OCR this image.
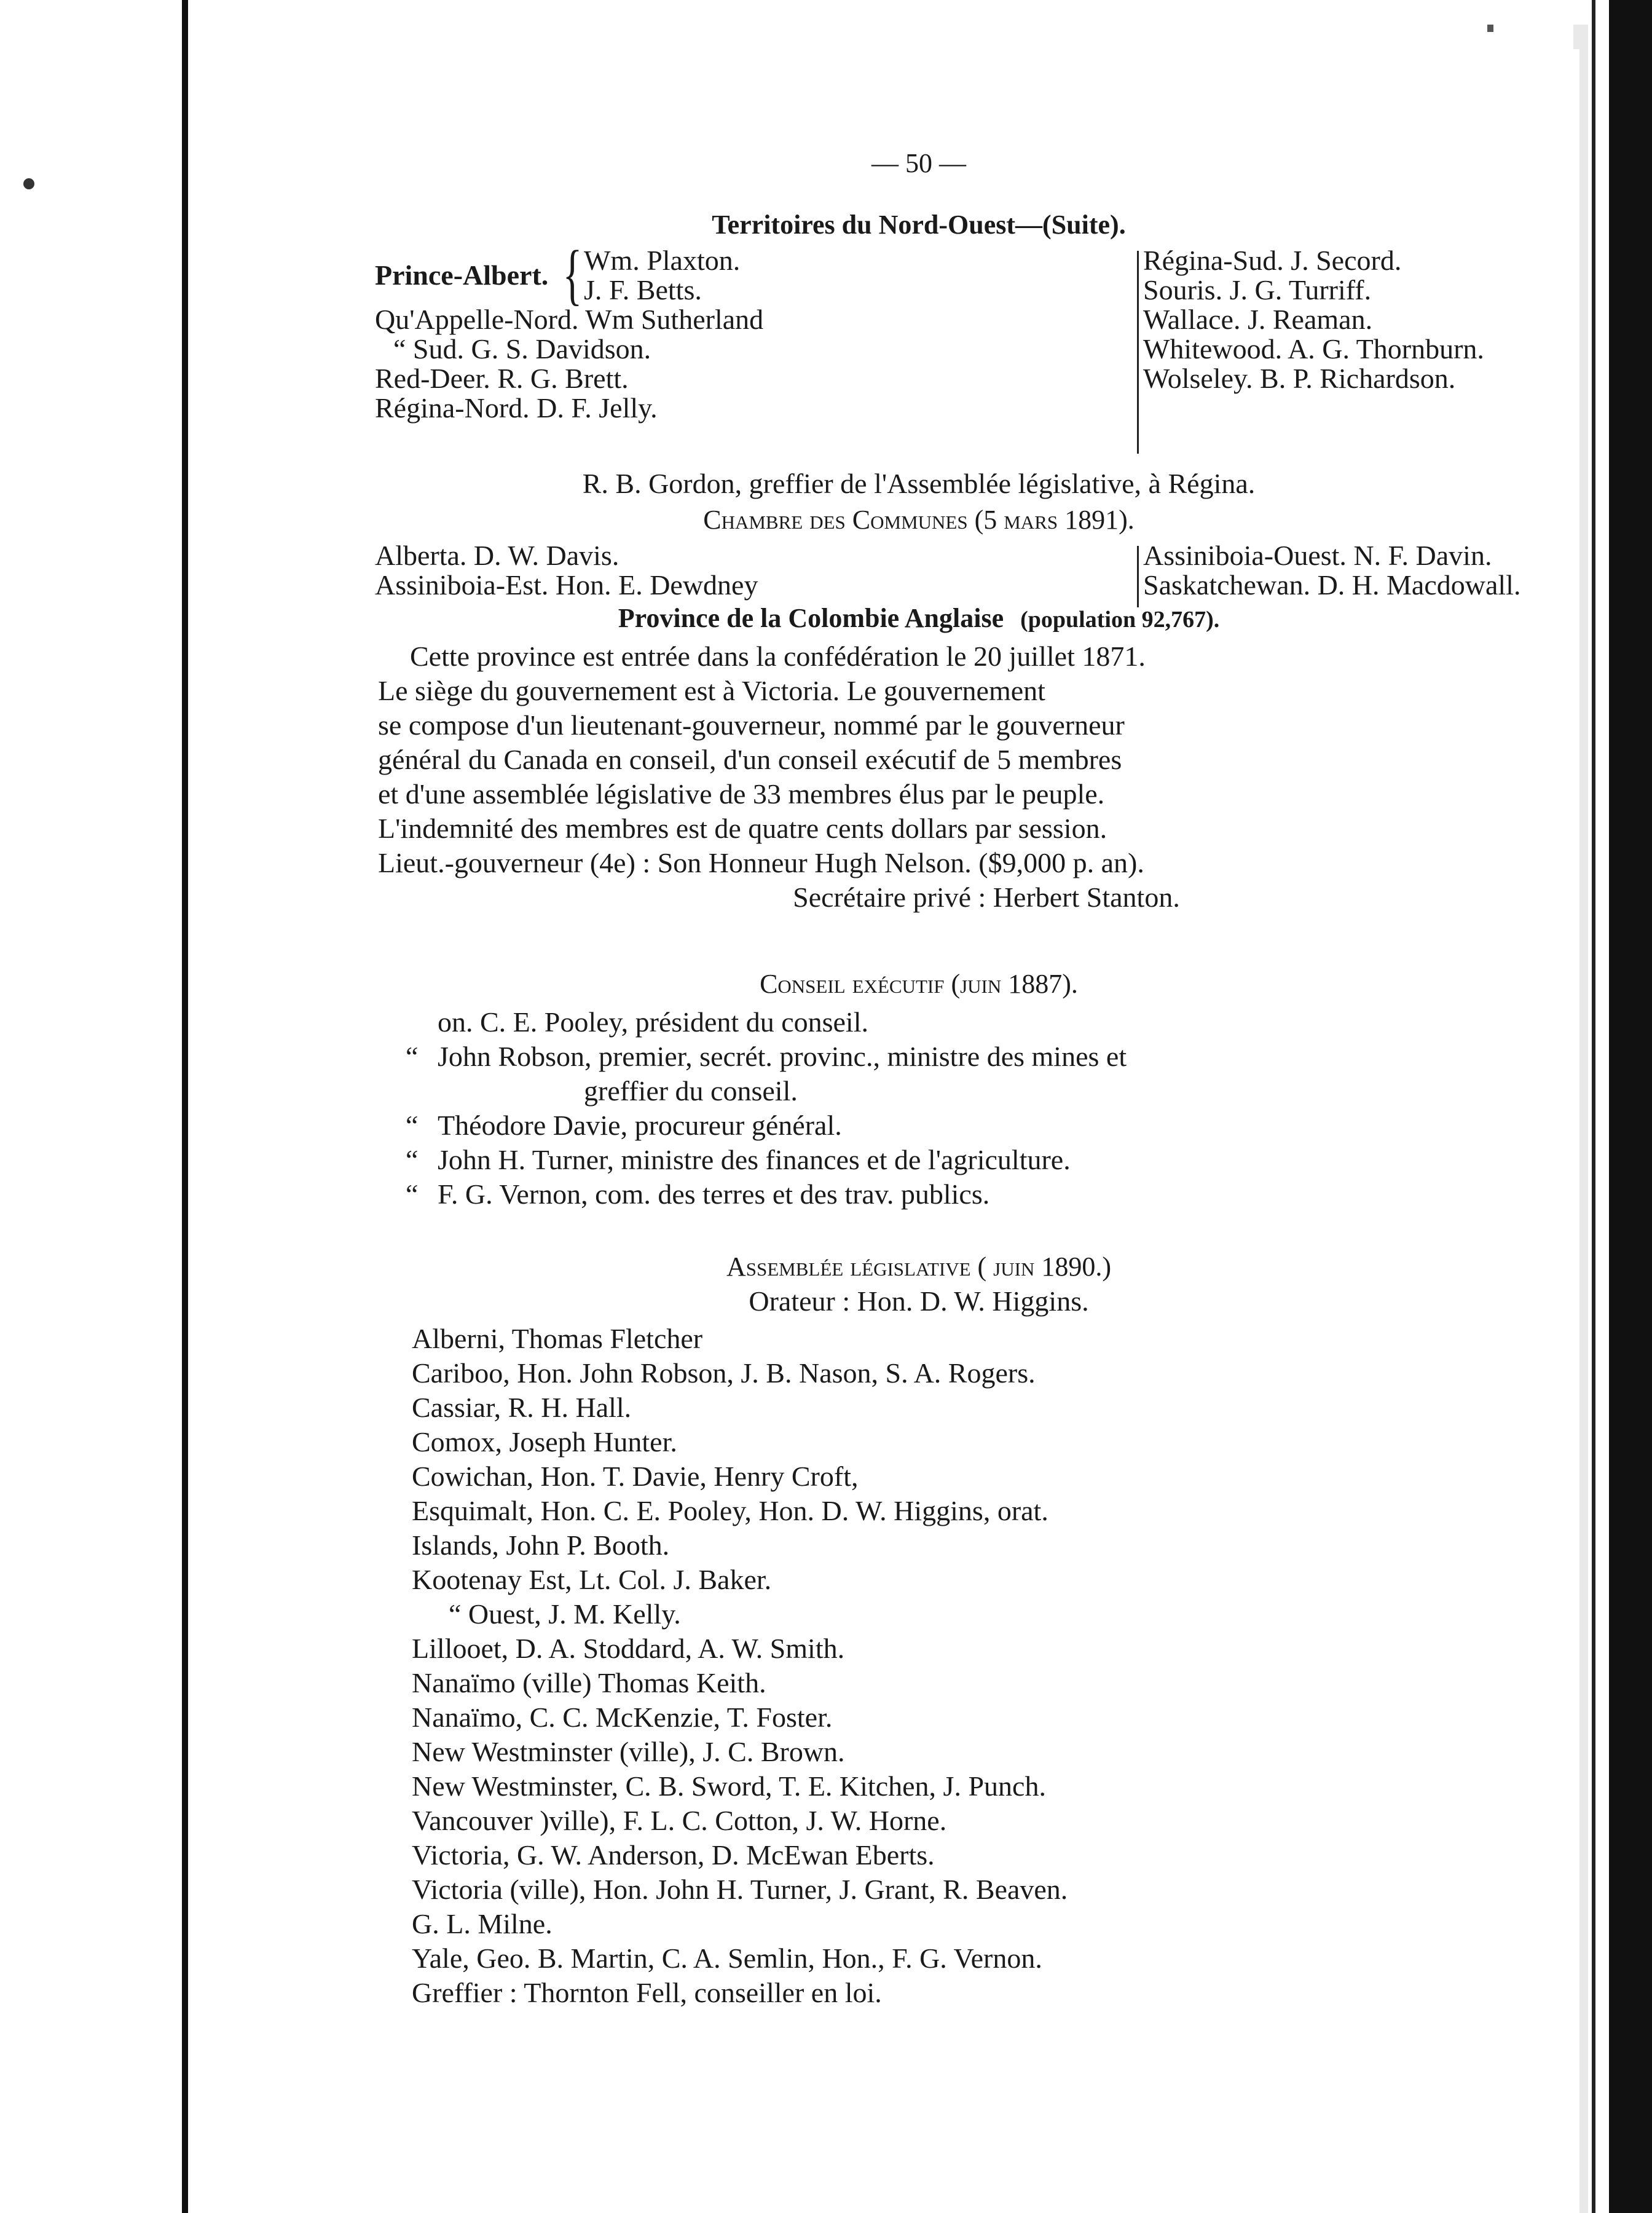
— 50 —
Territoires du Nord-Ouest—(Suite).
Prince-Albert. { Wm. Plaxton.
J. F. Betts.
Qu'Appelle-Nord. Wm Sutherland
“ Sud. G. S. Davidson.
Red-Deer. R. G. Brett.
Régina-Nord. D. F. Jelly.
Régina-Sud. J. Secord.
Souris. J. G. Turriff.
Wallace. J. Reaman.
Whitewood. A. G. Thornburn.
Wolseley. B. P. Richardson.
R. B. Gordon, greffier de l'Assemblée législative, à Régina.
Chambre des Communes (5 mars 1891).
Alberta. D. W. Davis.
Assiniboia-Est. Hon. E. Dewdney
Assiniboia-Ouest. N. F. Davin.
Saskatchewan. D. H. Macdowall.
Province de la Colombie Anglaise (population 92,767).
Cette province est entrée dans la confédération le 20 juillet 1871.
Le siège du gouvernement est à Victoria. Le gouvernement
se compose d'un lieutenant-gouverneur, nommé par le gouverneur
général du Canada en conseil, d'un conseil exécutif de 5 membres
et d'une assemblée législative de 33 membres élus par le peuple.
L'indemnité des membres est de quatre cents dollars par session.
Lieut.-gouverneur (4e) : Son Honneur Hugh Nelson. ($9,000 p. an).
Secrétaire privé : Herbert Stanton.
Conseil exécutif (juin 1887).
on. C. E. Pooley, président du conseil.
“ John Robson, premier, secrét. provinc., ministre des mines et
greffier du conseil.
“ Théodore Davie, procureur général.
“ John H. Turner, ministre des finances et de l'agriculture.
“ F. G. Vernon, com. des terres et des trav. publics.
Assemblée législative ( juin 1890.)
Orateur : Hon. D. W. Higgins.
Alberni, Thomas Fletcher
Cariboo, Hon. John Robson, J. B. Nason, S. A. Rogers.
Cassiar, R. H. Hall.
Comox, Joseph Hunter.
Cowichan, Hon. T. Davie, Henry Croft,
Esquimalt, Hon. C. E. Pooley, Hon. D. W. Higgins, orat.
Islands, John P. Booth.
Kootenay Est, Lt. Col. J. Baker.
“ Ouest, J. M. Kelly.
Lillooet, D. A. Stoddard, A. W. Smith.
Nanaïmo (ville) Thomas Keith.
Nanaïmo, C. C. McKenzie, T. Foster.
New Westminster (ville), J. C. Brown.
New Westminster, C. B. Sword, T. E. Kitchen, J. Punch.
Vancouver )ville), F. L. C. Cotton, J. W. Horne.
Victoria, G. W. Anderson, D. McEwan Eberts.
Victoria (ville), Hon. John H. Turner, J. Grant, R. Beaven.
G. L. Milne.
Yale, Geo. B. Martin, C. A. Semlin, Hon., F. G. Vernon.
Greffier : Thornton Fell, conseiller en loi.
